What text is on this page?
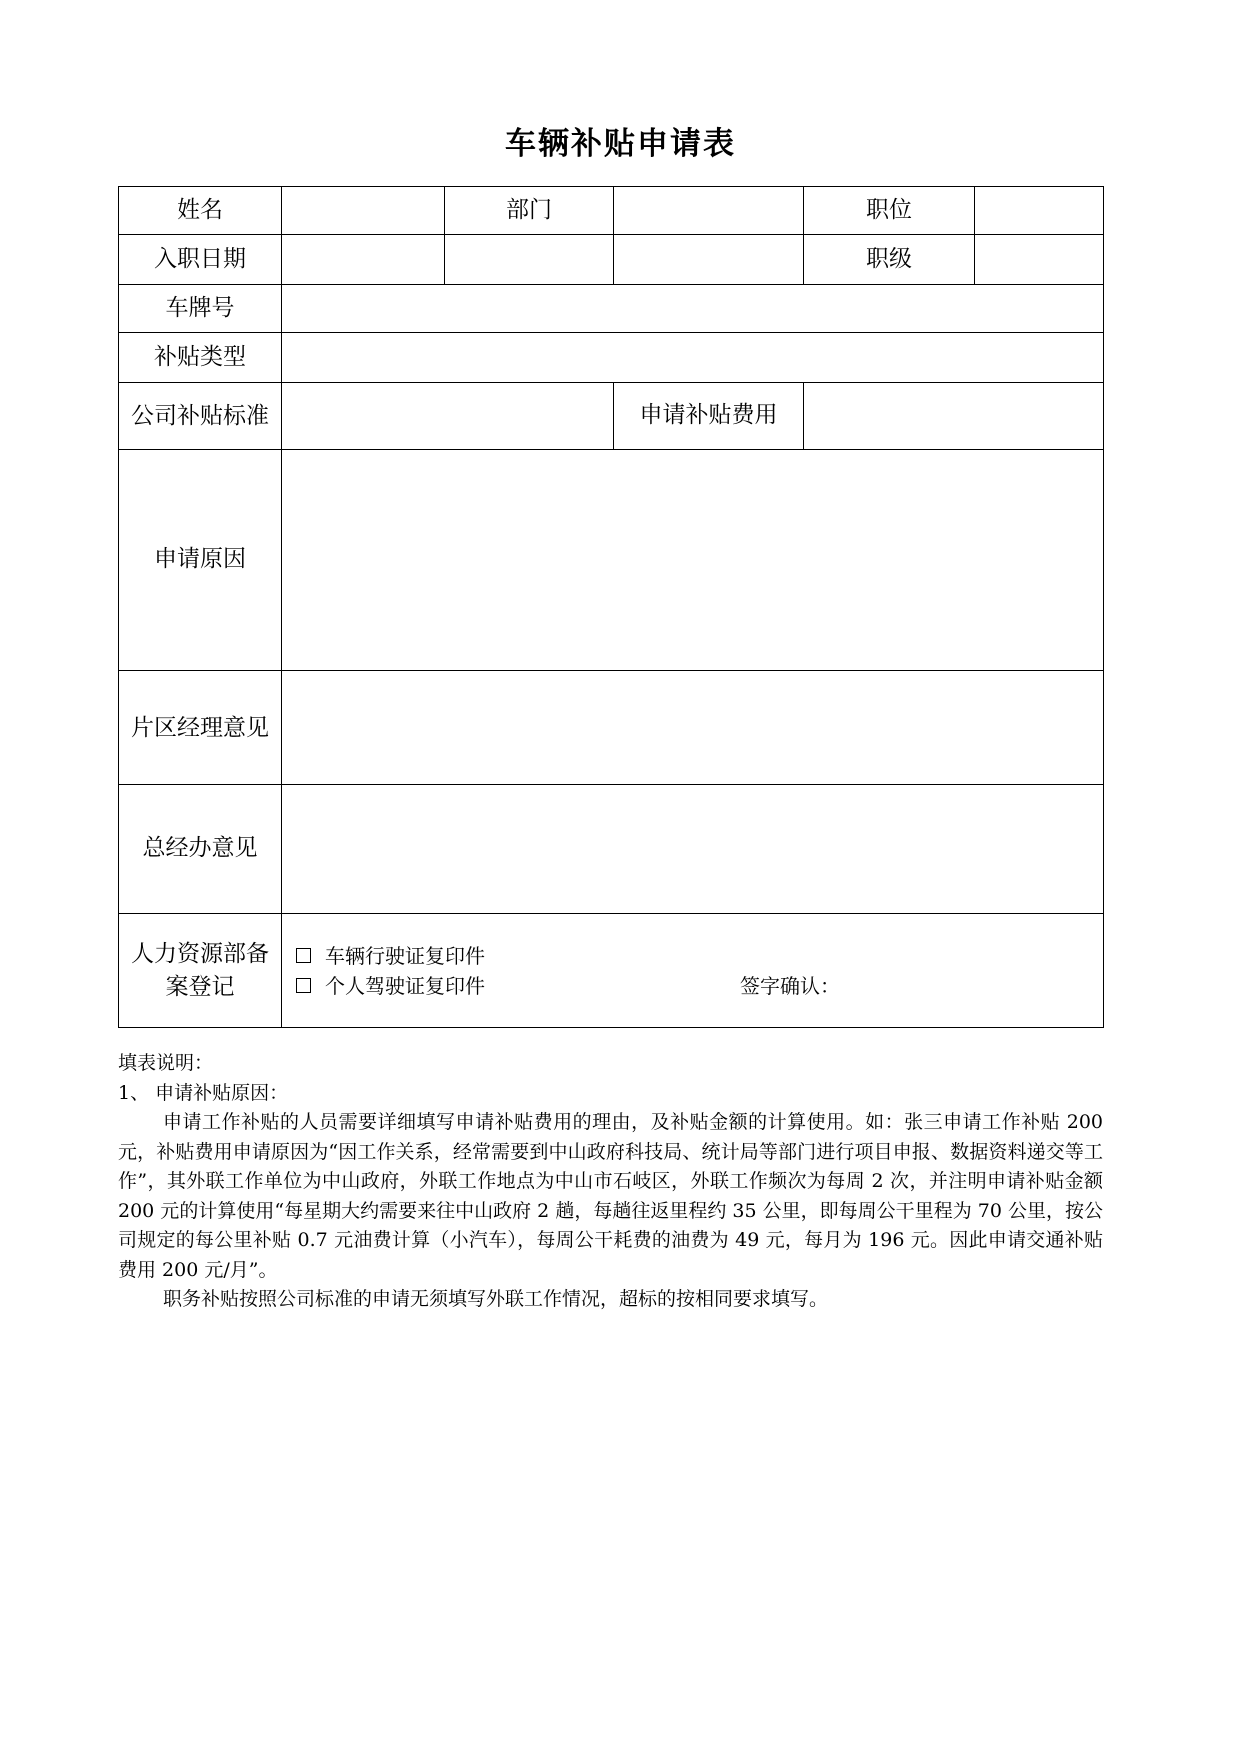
车辆补贴申请表
姓名		部门		职位	
入职日期				职级	
车牌号					
补贴类型					
公司补贴标准			申请补贴费用		
申请原因					
片区经理意见					
总经办意见					
人力资源部备案登记	车辆行驶证复印件
个人驾驶证复印件 签字确认：				

填表说明：

1、 申请补贴原因：

申请工作补贴的人员需要详细填写申请补贴费用的理由，及补贴金额的计算使用。如：张三申请工作补贴 200 元，补贴费用申请原因为“因工作关系，经常需要到中山政府科技局、统计局等部门进行项目申报、数据资料递交等工作”，其外联工作单位为中山政府，外联工作地点为中山市石岐区，外联工作频次为每周 2 次，并注明申请补贴金额 200 元的计算使用“每星期大约需要来往中山政府 2 趟，每趟往返里程约 35 公里，即每周公干里程为 70 公里，按公司规定的每公里补贴 0.7 元油费计算（小汽车），每周公干耗费的油费为 49 元，每月为 196 元。因此申请交通补贴费用 200 元/月”。

职务补贴按照公司标准的申请无须填写外联工作情况，超标的按相同要求填写。
